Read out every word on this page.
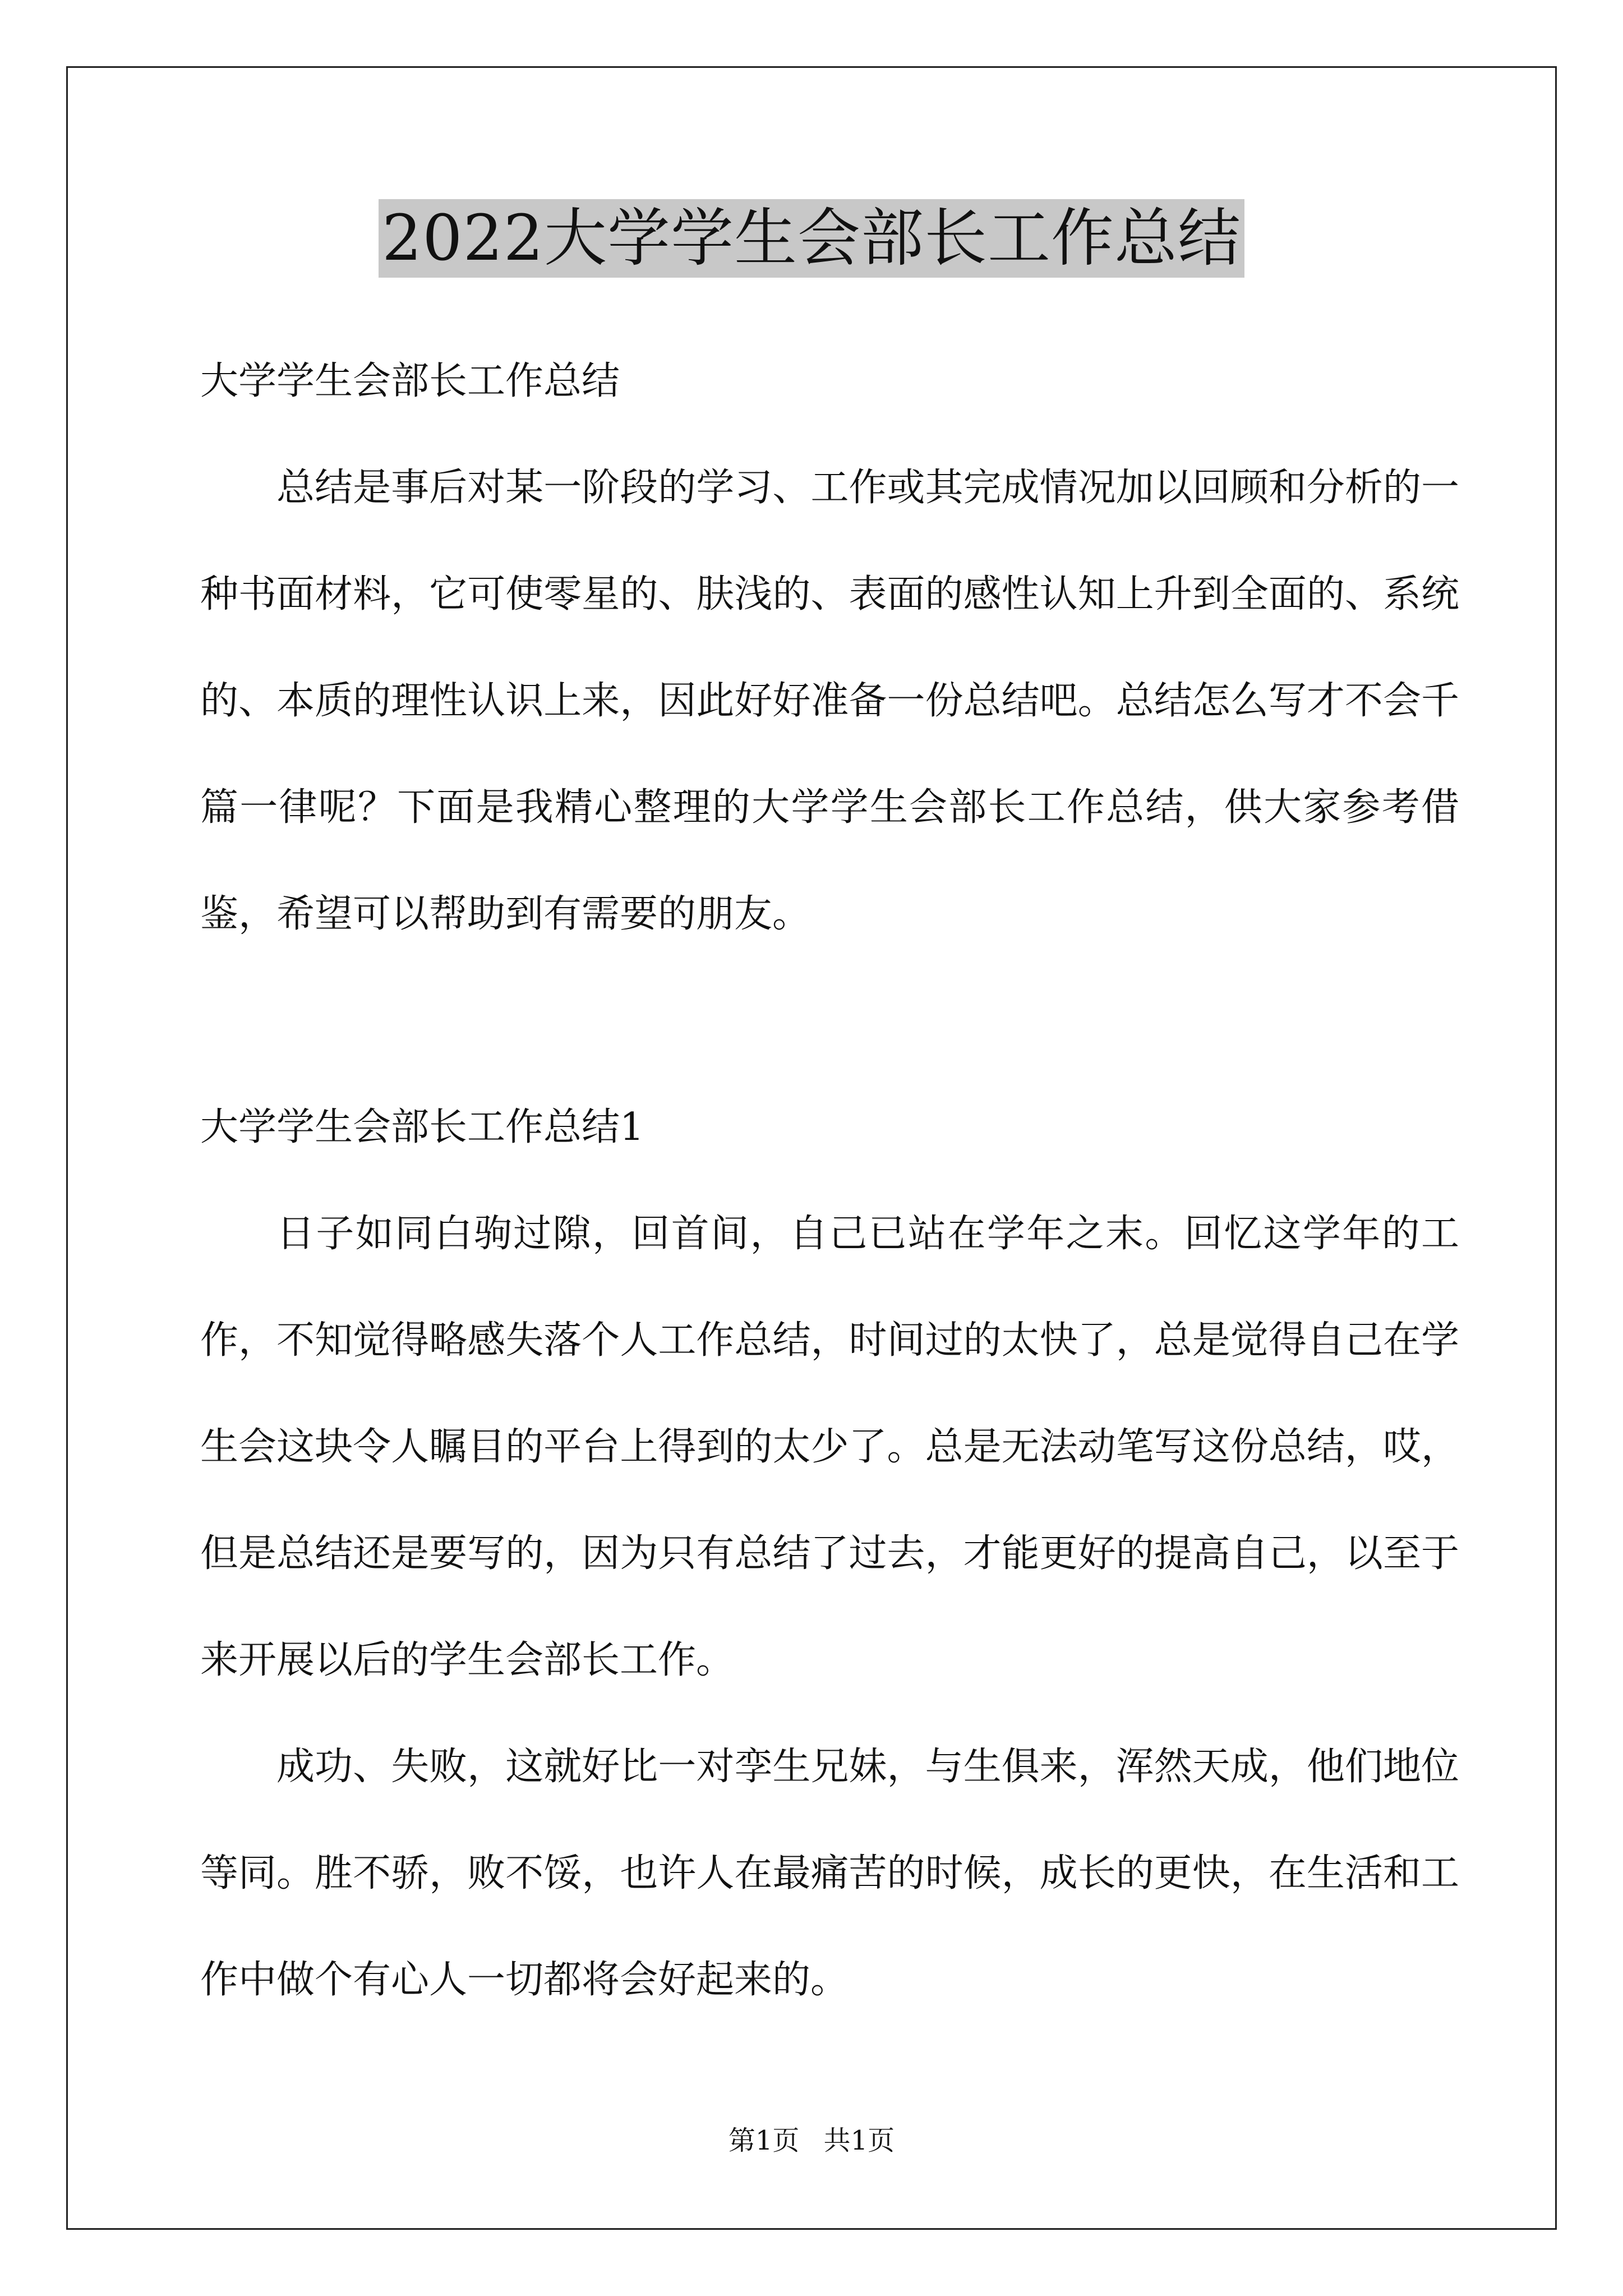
2022大学学生会部长工作总结

大学学生会部长工作总结

总结是事后对某一阶段的学习、工作或其完成情况加以回顾和分析的一种书面材料，它可使零星的、肤浅的、表面的感性认知上升到全面的、系统的、本质的理性认识上来，因此好好准备一份总结吧。总结怎么写才不会千篇一律呢？下面是我精心整理的大学学生会部长工作总结，供大家参考借鉴，希望可以帮助到有需要的朋友。

大学学生会部长工作总结1

日子如同白驹过隙，回首间，自己已站在学年之末。回忆这学年的工作，不知觉得略感失落个人工作总结，时间过的太快了，总是觉得自己在学生会这块令人瞩目的平台上得到的太少了。总是无法动笔写这份总结，哎，但是总结还是要写的，因为只有总结了过去，才能更好的提高自己，以至于来开展以后的学生会部长工作。

成功、失败，这就好比一对孪生兄妹，与生俱来，浑然天成，他们地位等同。胜不骄，败不馁，也许人在最痛苦的时候，成长的更快，在生活和工作中做个有心人一切都将会好起来的。

第1页 共1页
